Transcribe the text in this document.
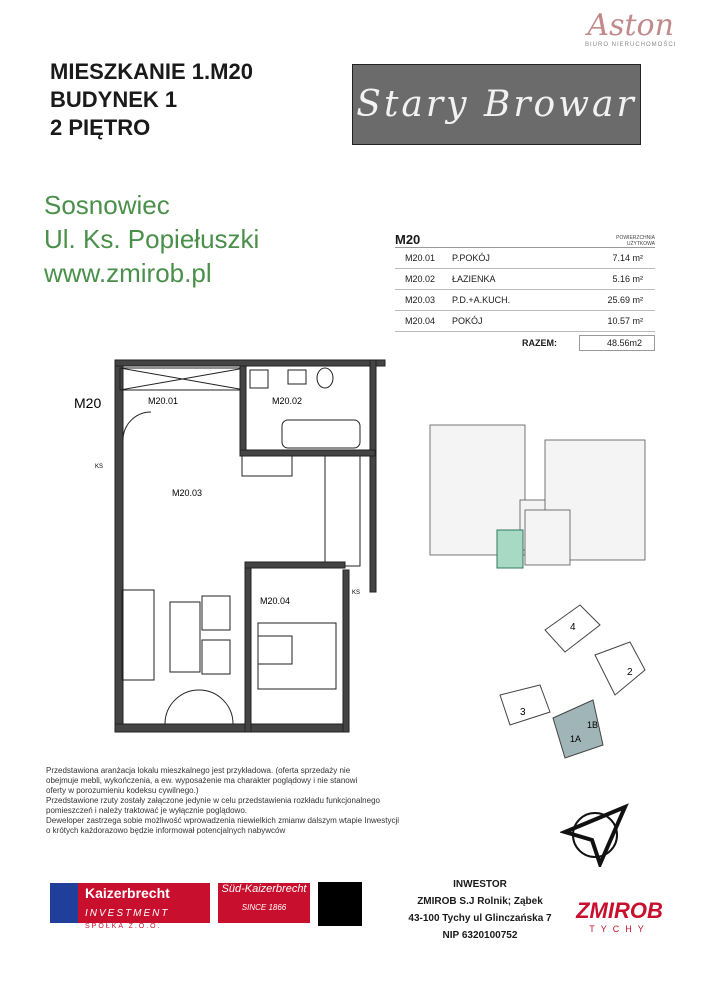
MIESZKANIE 1.M20
BUDYNEK 1
2 PIĘTRO
Stary Browar
Aston
BIURO NIERUCHOMOŚCI
Sosnowiec
Ul. Ks. Popiełuszki
www.zmirob.pl
M20	POWIERZCHNIA
UŻYTKOWA
M20.01	P.POKÓJ	7.14 m²
M20.02	ŁAZIENKA	5.16 m²
M20.03	P.D.+A.KUCH.	25.69 m²
M20.04	POKÓJ	10.57 m²
RAZEM:	48.56m2
M20	M20.01	M20.02
M20.03
M20.04
KS
KS
4
2
3
1B
1A
Przedstawiona aranżacja lokalu mieszkalnego jest przykładowa. (oferta sprzedaży nie
obejmuje mebli, wykończenia, a ew. wyposażenie ma charakter poglądowy i nie stanowi
oferty w porozumieniu kodeksu cywilnego.)
Przedstawione rzuty zostały załączone jedynie w celu przedstawienia rozkładu funkcjonalnego
pomieszczeń i należy traktować je wyłącznie poglądowo.
Deweloper zastrzega sobie możliwość wprowadzenia niewielkich zmianw dalszym wtapie Inwestycji
o krótych każdorazowo będzie informował potencjalnych nabywców
Kaizerbrecht
INVESTMENT
SPÓŁKA Z.O.O.
Süd-Kaizerbrecht
SINCE 1866
INWESTOR
ZMIROB S.J Rolnik; Ząbek
43-100 Tychy ul Glinczańska 7
NIP 6320100752
ZMIROB
TYCHY
